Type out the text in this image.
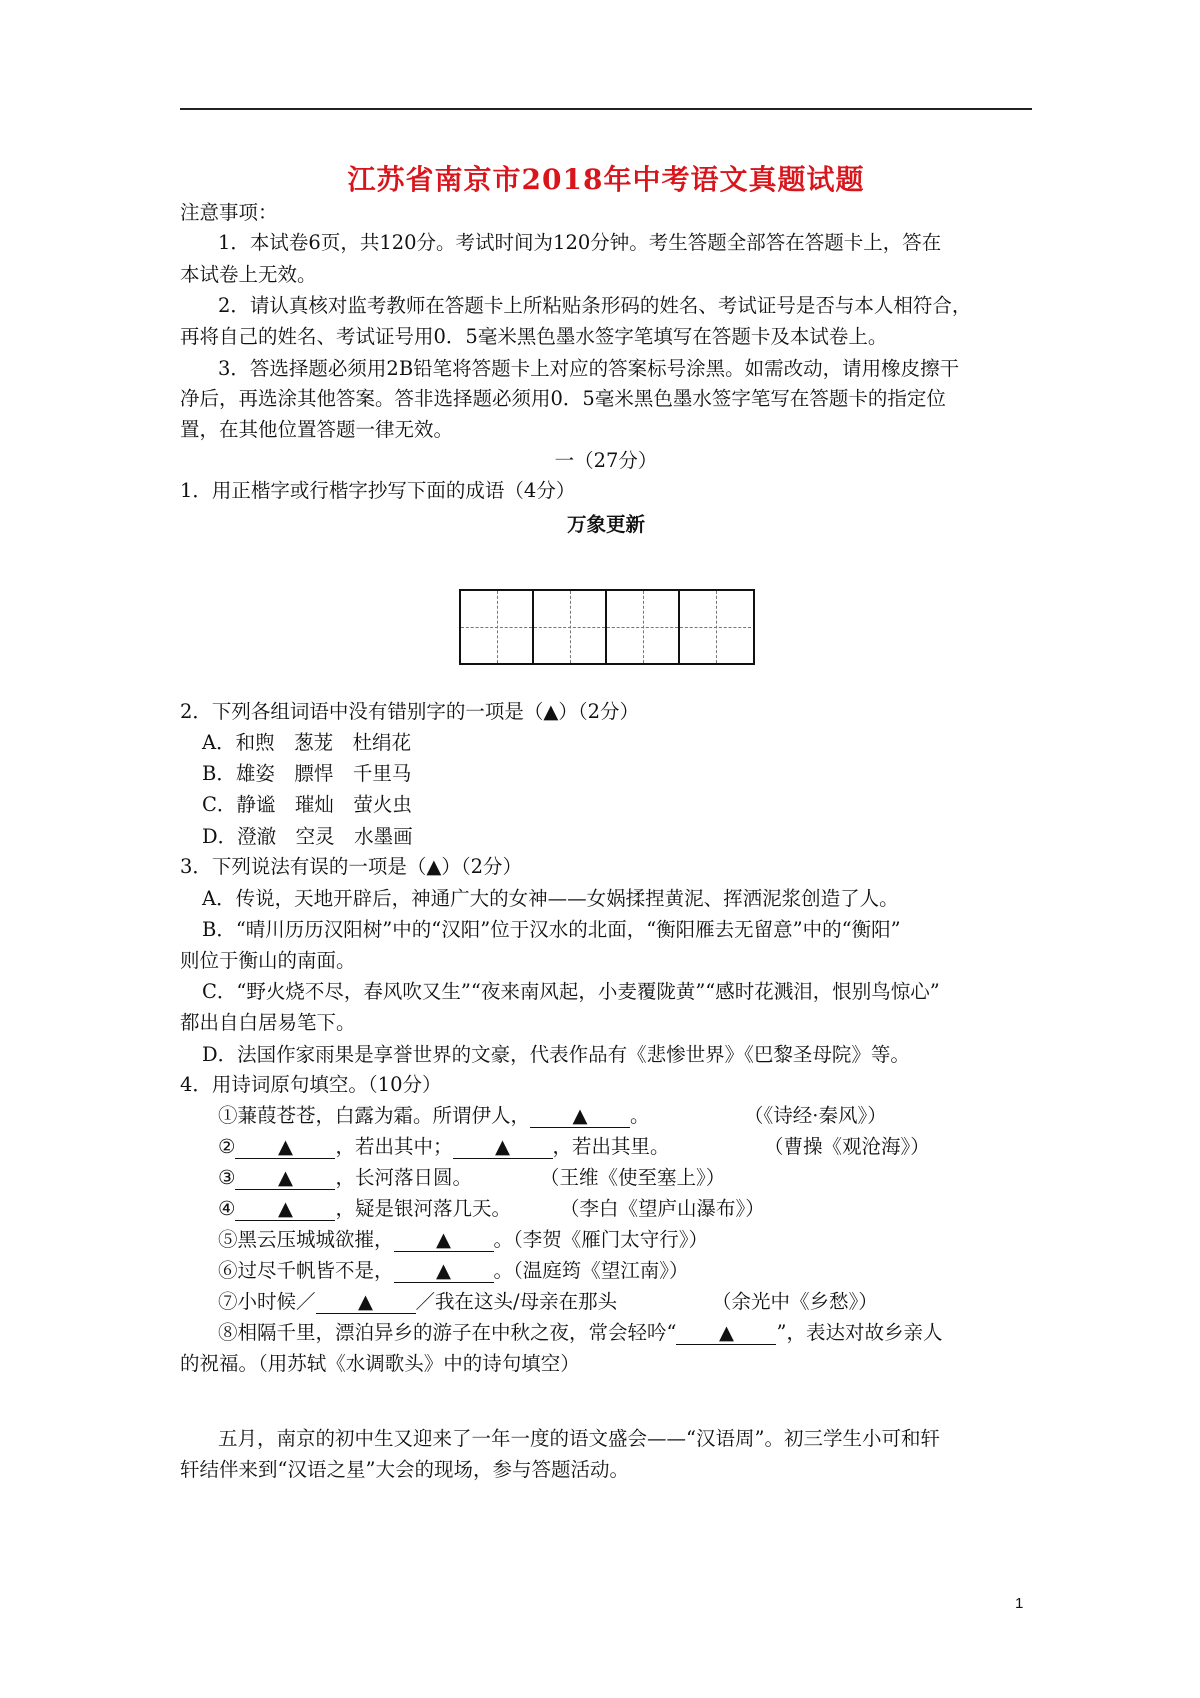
江苏省南京市2018年中考语文真题试题
注意事项：
1．本试卷6页，共120分。考试时间为120分钟。考生答题全部答在答题卡上，答在
本试卷上无效。
2．请认真核对监考教师在答题卡上所粘贴条形码的姓名、考试证号是否与本人相符合，
再将自己的姓名、考试证号用0．5毫米黑色墨水签字笔填写在答题卡及本试卷上。
3．答选择题必须用2B铅笔将答题卡上对应的答案标号涂黑。如需改动，请用橡皮擦干
净后，再选涂其他答案。答非选择题必须用0．5毫米黑色墨水签字笔写在答题卡的指定位
置，在其他位置答题一律无效。
一（27分）
1．用正楷字或行楷字抄写下面的成语（4分）
万象更新
2．下列各组词语中没有错别字的一项是（▲）（2分）
A．和煦　葱茏　杜绢花
B．雄姿　膘悍　千里马
C．静谧　璀灿　萤火虫
D．澄澈　空灵　水墨画
3．下列说法有误的一项是（▲）（2分）
A．传说，天地开辟后，神通广大的女神——女娲揉捏黄泥、挥洒泥浆创造了人。
B．“晴川历历汉阳树”中的“汉阳”位于汉水的北面，“衡阳雁去无留意”中的“衡阳”
则位于衡山的南面。
C．“野火烧不尽，春风吹又生”“夜来南风起，小麦覆陇黄”“感时花溅泪，恨别鸟惊心”
都出自白居易笔下。
D．法国作家雨果是享誉世界的文豪，代表作品有《悲惨世界》《巴黎圣母院》等。
4．用诗词原句填空。（10分）
①蒹葭苍苍，白露为霜。所谓伊人， ▲ 。	（《诗经·秦风》）
② ▲ ，若出其中； ▲ ，若出其里。	（曹操《观沧海》）
③ ▲ ，长河落日圆。	（王维《使至塞上》）
④ ▲ ，疑是银河落几天。	（李白《望庐山瀑布》）
⑤黑云压城城欲摧， ▲ 。（李贺《雁门太守行》）
⑥过尽千帆皆不是， ▲ 。（温庭筠《望江南》）
⑦小时候／ ▲ ／我在这头/母亲在那头	（余光中《乡愁》）
⑧相隔千里，漂泊异乡的游子在中秋之夜，常会轻吟“ ▲ ”，表达对故乡亲人
的祝福。（用苏轼《水调歌头》中的诗句填空）
五月，南京的初中生又迎来了一年一度的语文盛会——“汉语周”。初三学生小可和轩
轩结伴来到“汉语之星”大会的现场，参与答题活动。
1
